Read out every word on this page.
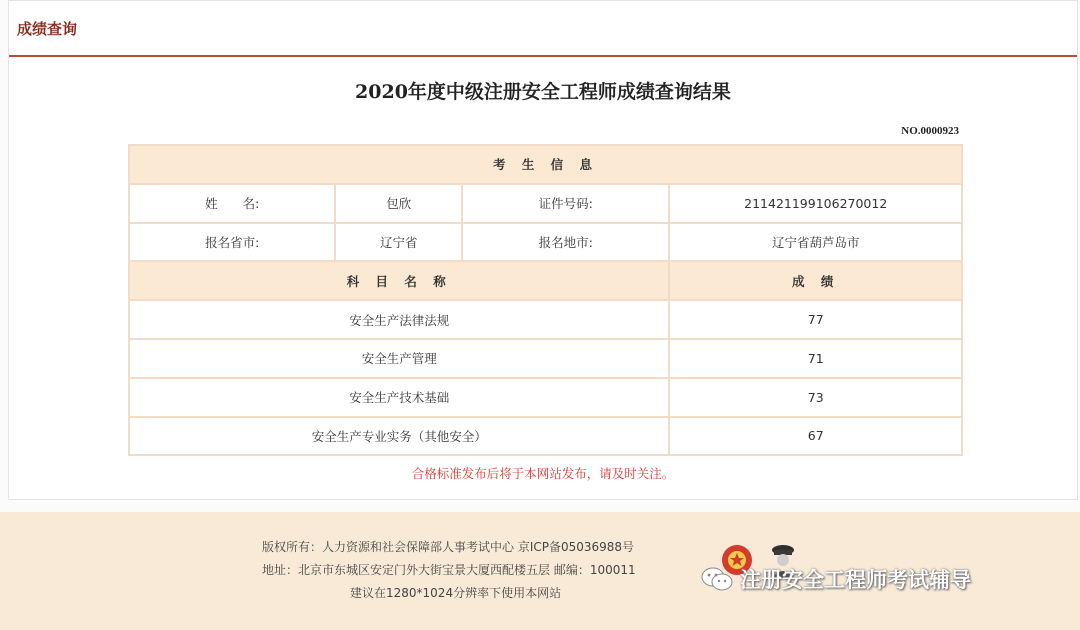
成绩查询
2020年度中级注册安全工程师成绩查询结果
NO.0000923
考 生 信 息			
姓　　名:	包欣	证件号码:	211421199106270012
报名省市:	辽宁省	报名地市:	辽宁省葫芦岛市
科 目 名 称			成 绩
安全生产法律法规			77
安全生产管理			71
安全生产技术基础			73
安全生产专业实务（其他安全）			67
合格标准发布后将于本网站发布，请及时关注。
版权所有：人力资源和社会保障部人事考试中心 京ICP备05036988号
地址：北京市东城区安定门外大街宝景大厦西配楼五层 邮编：100011
建议在1280*1024分辨率下使用本网站
注册安全工程师考试辅导
